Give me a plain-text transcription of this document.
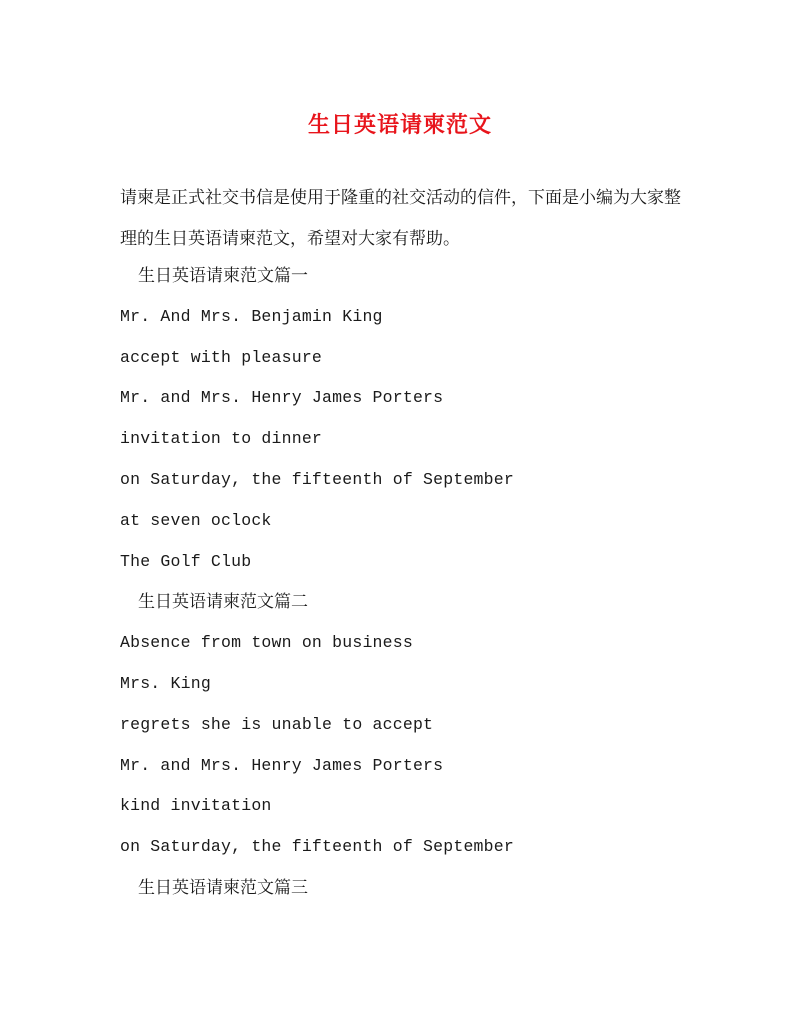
生日英语请柬范文

请柬是正式社交书信是使用于隆重的社交活动的信件，下面是小编为大家整理的生日英语请柬范文，希望对大家有帮助。

生日英语请柬范文篇一
Mr. And Mrs. Benjamin King
accept with pleasure
Mr. and Mrs. Henry James Porters
invitation to dinner
on Saturday, the fifteenth of September
at seven oclock
The Golf Club
生日英语请柬范文篇二
Absence from town on business
Mrs. King
regrets she is unable to accept
Mr. and Mrs. Henry James Porters
kind invitation
on Saturday, the fifteenth of September
生日英语请柬范文篇三
